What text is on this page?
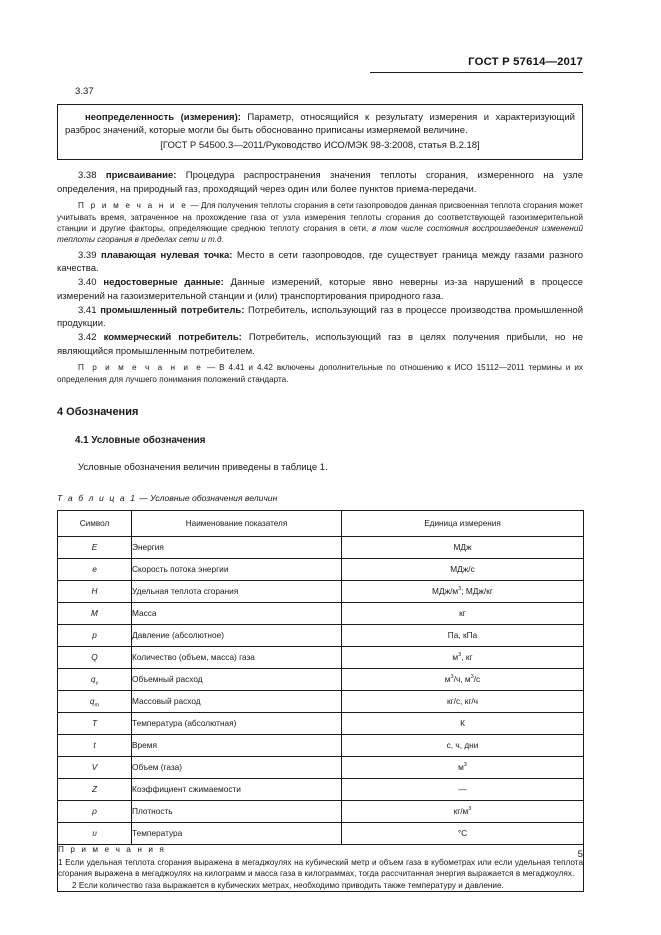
ГОСТ Р 57614—2017
3.37

неопределенность (измерения): Параметр, относящийся к результату измерения и характеризующий разброс значений, которые могли бы быть обоснованно приписаны измеряемой величине.

[ГОСТ Р 54500.3—2011/Руководство ИСО/МЭК 98-3:2008, статья В.2.18]

3.38 присваивание: Процедура распространения значения теплоты сгорания, измеренного на узле определения, на природный газ, проходящий через один или более пунктов приема-передачи.

П р и м е ч а н и е — Для получения теплоты сгорания в сети газопроводов данная присвоенная теплота сгорания может учитывать время, затраченное на прохождение газа от узла измерения теплоты сгорания до соответствующей газоизмерительной станции и другие факторы, определяющие среднюю теплоту сгорания в сети, в том числе состояния воспроизведения изменений теплоты сгорания в пределах сети и т.д.

3.39 плавающая нулевая точка: Место в сети газопроводов, где существует граница между газами разного качества.

3.40 недостоверные данные: Данные измерений, которые явно неверны из-за нарушений в процессе измерений на газоизмерительной станции и (или) транспортирования природного газа.

3.41 промышленный потребитель: Потребитель, использующий газ в процессе производства промышленной продукции.

3.42 коммерческий потребитель: Потребитель, использующий газ в целях получения прибыли, но не являющийся промышленным потребителем.

П р и м е ч а н и е — В 4.41 и 4.42 включены дополнительные по отношению к ИСО 15112—2011 термины и их определения для лучшего понимания положений стандарта.

4 Обозначения
4.1 Условные обозначения

Условные обозначения величин приведены в таблице 1.

Т а б л и ц а 1 — Условные обозначения величин
Символ	Наименование показателя	Единица измерения
E	Энергия	МДж
e	Скорость потока энергии	МДж/с
H	Удельная теплота сгорания	МДж/$м^3$; МДж/кг
M	Масса	кг
p	Давление (абсолютное)	Па, кПа
Q	Количество (объем, масса) газа	$м^3$, кг
$q_v$	Объемный расход	$м^3/ч$, $м^3/с$
$q_m$	Массовый расход	кг/с, кг/ч
T	Температура (абсолютная)	К
t	Время	с, ч, дни
V	Объем (газа)	$м^3$
Z	Коэффициент сжимаемости	—
ρ	Плотность	$кг/м^3$
υ	Температура	°C

П р и м е ч а н и я

1 Если удельная теплота сгорания выражена в мегаджоулях на кубический метр и объем газа в кубометрах или если удельная теплота сгорания выражена в мегаджоулях на килограмм и масса газа в килограммах, тогда рассчитанная энергия выражается в мегаджоулях.

2 Если количество газа выражается в кубических метрах, необходимо приводить также температуру и давление.		

5
